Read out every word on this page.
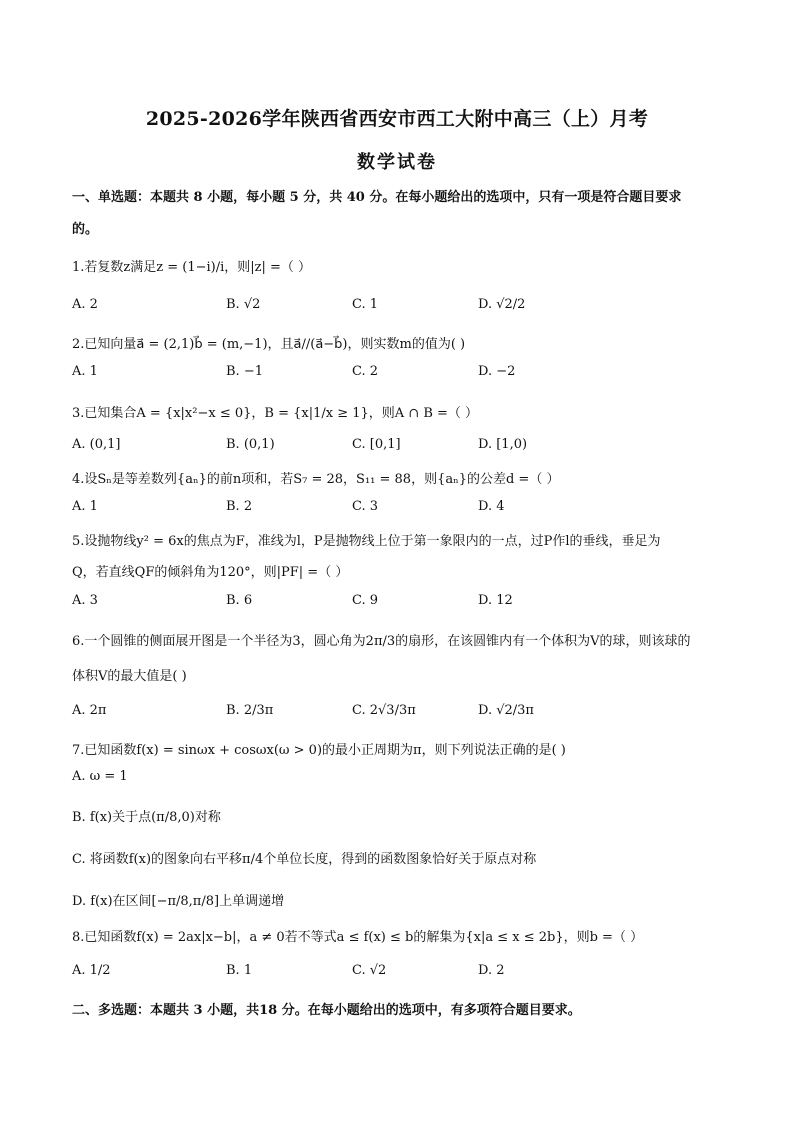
2025-2026学年陕西省西安市西工大附中高三（上）月考
数学试卷
一、单选题：本题共 8 小题，每小题 5 分，共 40 分。在每小题给出的选项中，只有一项是符合题目要求
的。
1.若复数z满足z = (1−i)/i，则|z| =（ ）
A. 2	B. √2	C. 1	D. √2/2
2.已知向量a⃗ = (2,1)b⃗ = (m,−1)，且a⃗//(a⃗−b⃗)，则实数m的值为( )
A. 1	B. −1	C. 2	D. −2
3.已知集合A = {x|x²−x ≤ 0}，B = {x|1/x ≥ 1}，则A ∩ B =（ ）
A. (0,1]	B. (0,1)	C. [0,1]	D. [1,0)
4.设Sₙ是等差数列{aₙ}的前n项和，若S₇ = 28，S₁₁ = 88，则{aₙ}的公差d =（ ）
A. 1	B. 2	C. 3	D. 4
5.设抛物线y² = 6x的焦点为F，准线为l，P是抛物线上位于第一象限内的一点，过P作l的垂线，垂足为
Q，若直线QF的倾斜角为120°，则|PF| =（ ）
A. 3	B. 6	C. 9	D. 12
6.一个圆锥的侧面展开图是一个半径为3，圆心角为2π/3的扇形，在该圆锥内有一个体积为V的球，则该球的
体积V的最大值是( )
A. 2π	B. 2/3π	C. 2√3/3π	D. √2/3π
7.已知函数f(x) = sinωx + cosωx(ω > 0)的最小正周期为π，则下列说法正确的是( )
A. ω = 1
B. f(x)关于点(π/8,0)对称
C. 将函数f(x)的图象向右平移π/4个单位长度，得到的函数图象恰好关于原点对称
D. f(x)在区间[−π/8,π/8]上单调递增
8.已知函数f(x) = 2ax|x−b|，a ≠ 0若不等式a ≤ f(x) ≤ b的解集为{x|a ≤ x ≤ 2b}，则b =（ ）
A. 1/2	B. 1	C. √2	D. 2
二、多选题：本题共 3 小题，共18 分。在每小题给出的选项中，有多项符合题目要求。
